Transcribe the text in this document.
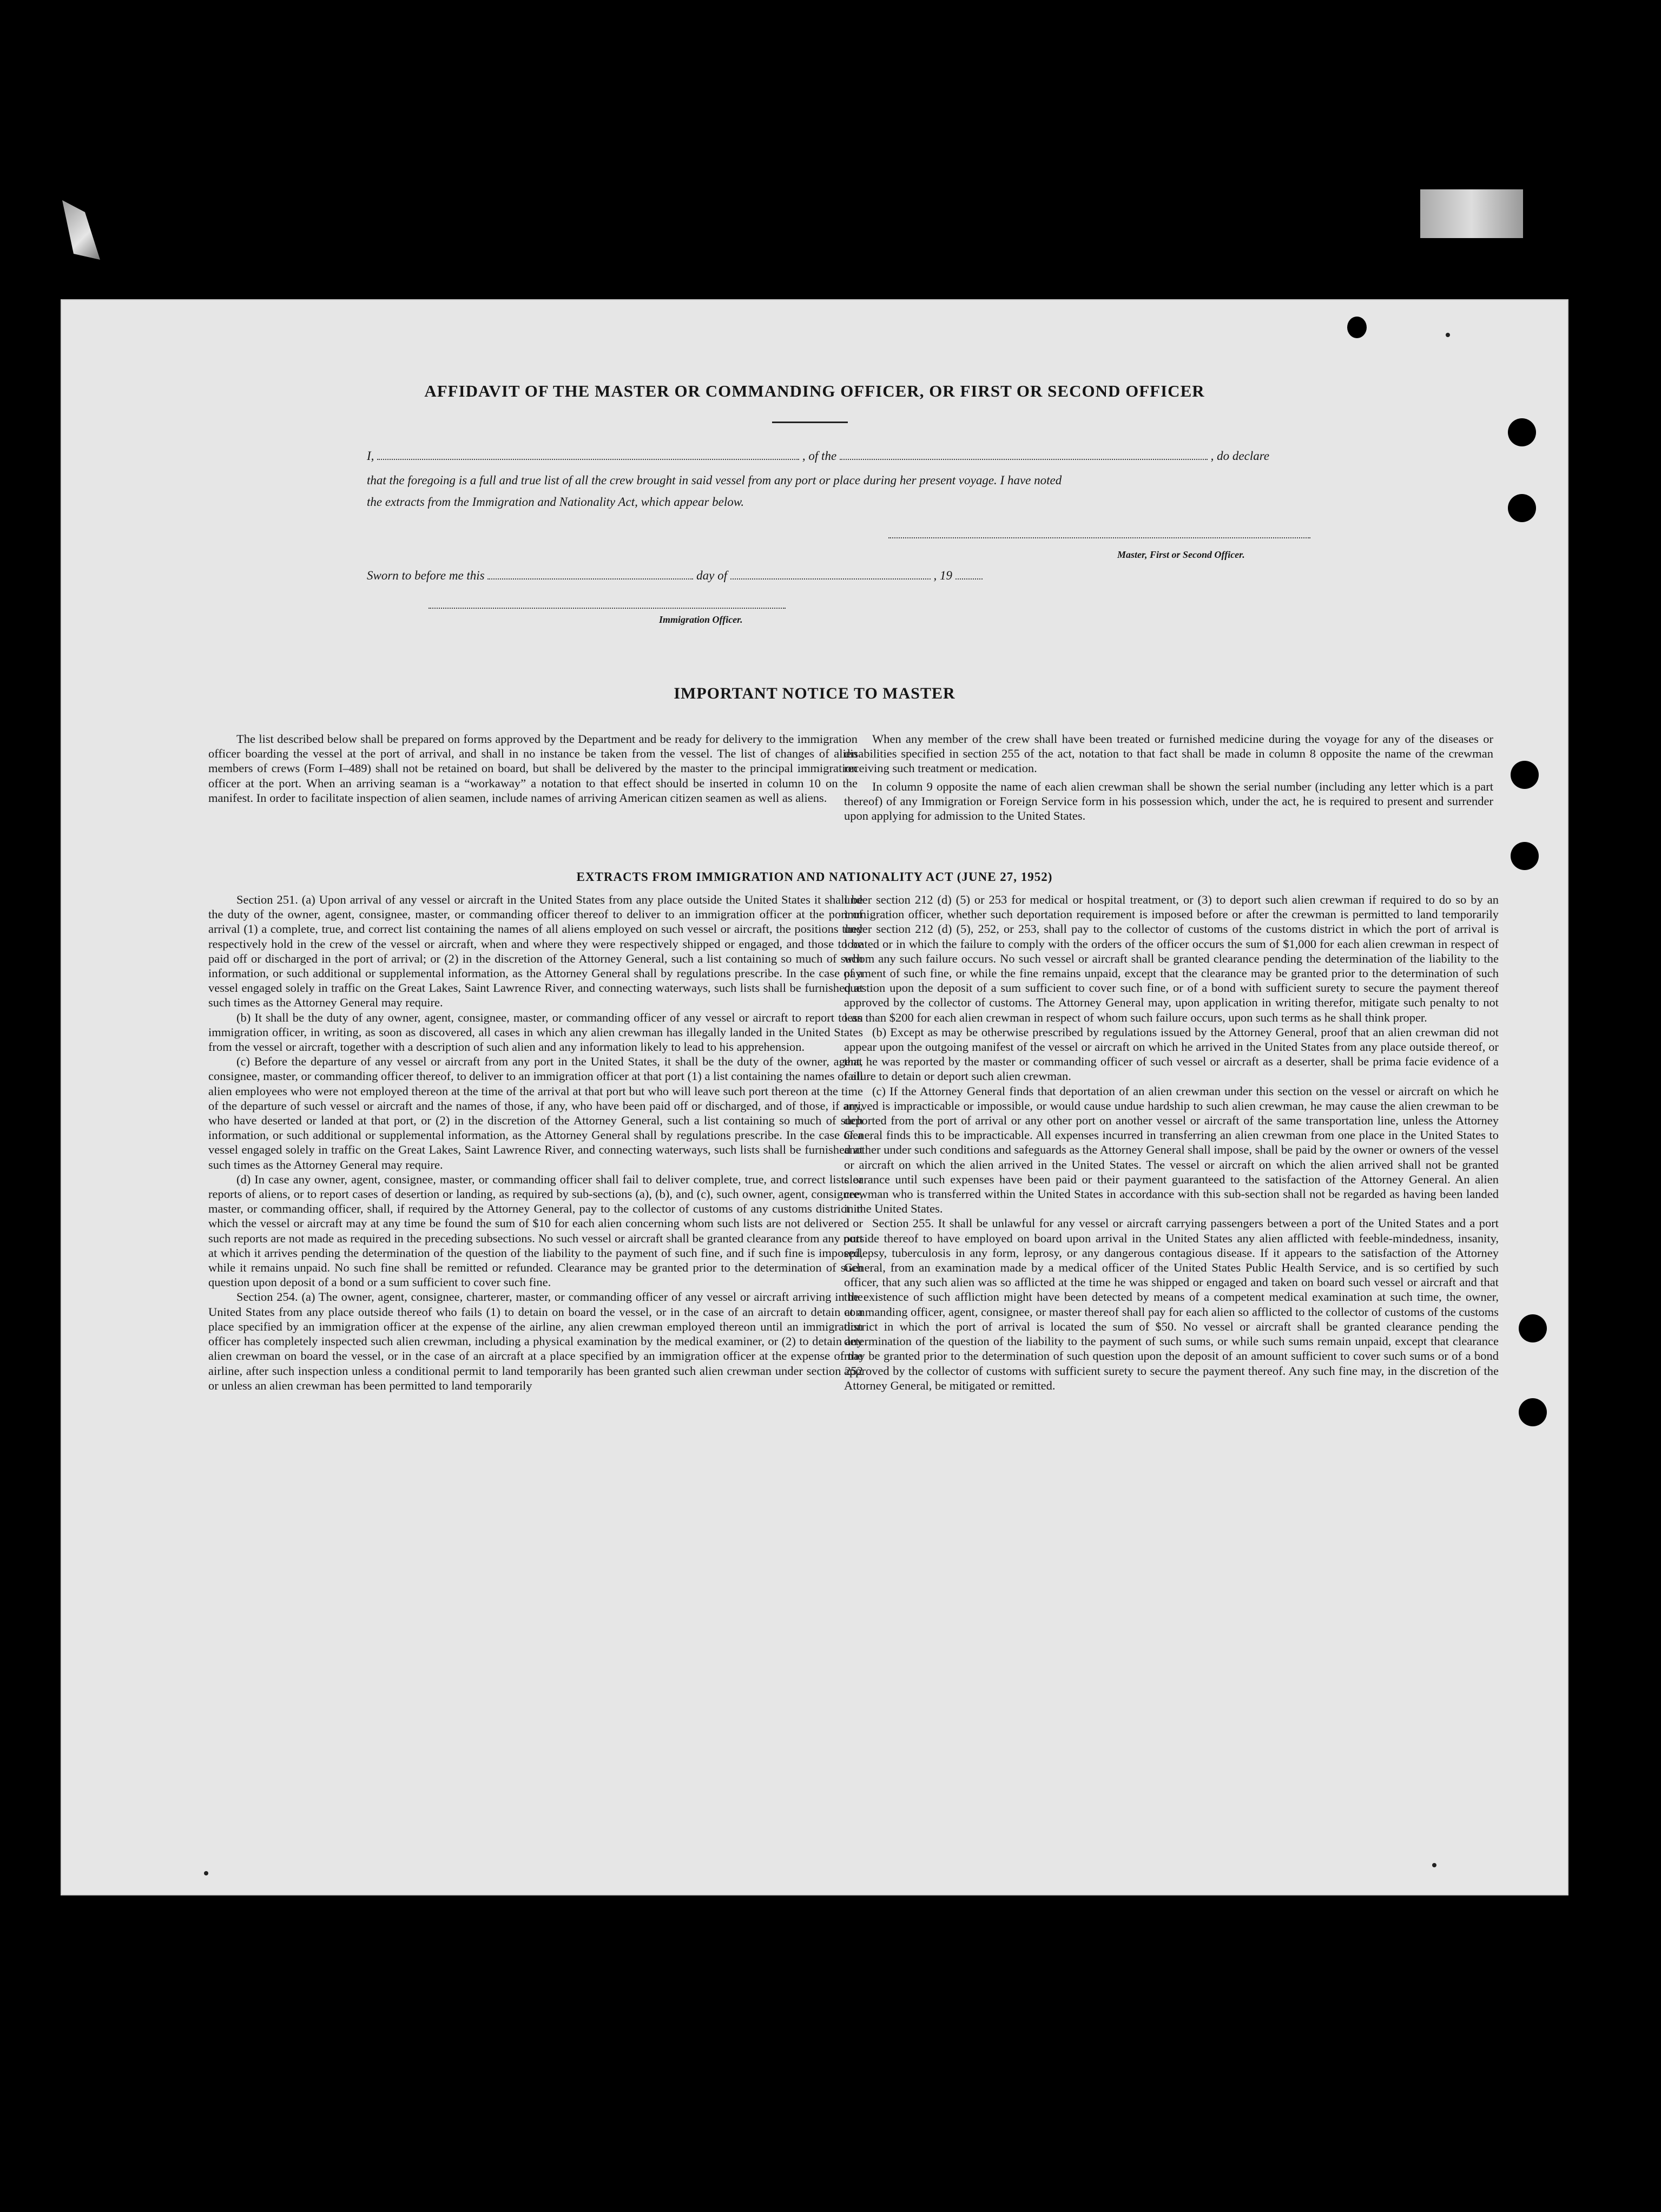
AFFIDAVIT OF THE MASTER OR COMMANDING OFFICER, OR FIRST OR SECOND OFFICER
I,	, of the	, do declare
that the foregoing is a full and true list of all the crew brought in said vessel from any port or place during her present voyage. I have noted
the extracts from the Immigration and Nationality Act, which appear below.
Master, First or Second Officer.
Sworn to before me this	day of	, 19
Immigration Officer.
IMPORTANT NOTICE TO MASTER

The list described below shall be prepared on forms approved by the Department and be ready for delivery to the immigration officer boarding the vessel at the port of arrival, and shall in no instance be taken from the vessel. The list of changes of alien members of crews (Form I–489) shall not be retained on board, but shall be delivered by the master to the principal immigration officer at the port. When an arriving seaman is a “workaway” a notation to that effect should be inserted in column 10 on the manifest. In order to facilitate inspection of alien seamen, include names of arriving American citizen seamen as well as aliens.

When any member of the crew shall have been treated or furnished medicine during the voyage for any of the diseases or disabilities specified in section 255 of the act, notation to that fact shall be made in column 8 opposite the name of the crewman receiving such treatment or medication.

In column 9 opposite the name of each alien crewman shall be shown the serial number (including any letter which is a part thereof) of any Immigration or Foreign Service form in his possession which, under the act, he is required to present and surrender upon applying for admission to the United States.

EXTRACTS FROM IMMIGRATION AND NATIONALITY ACT (JUNE 27, 1952)

Section 251. (a) Upon arrival of any vessel or aircraft in the United States from any place outside the United States it shall be the duty of the owner, agent, consignee, master, or commanding officer thereof to deliver to an immigration officer at the port of arrival (1) a complete, true, and correct list containing the names of all aliens employed on such vessel or aircraft, the positions they respectively hold in the crew of the vessel or aircraft, when and where they were respectively shipped or engaged, and those to be paid off or discharged in the port of arrival; or (2) in the discretion of the Attorney General, such a list containing so much of such information, or such additional or supplemental information, as the Attorney General shall by regulations prescribe. In the case of a vessel engaged solely in traffic on the Great Lakes, Saint Lawrence River, and connecting waterways, such lists shall be furnished at such times as the Attorney General may require.

(b) It shall be the duty of any owner, agent, consignee, master, or commanding officer of any vessel or aircraft to report to an immigration officer, in writing, as soon as discovered, all cases in which any alien crewman has illegally landed in the United States from the vessel or aircraft, together with a description of such alien and any information likely to lead to his apprehension.

(c) Before the departure of any vessel or aircraft from any port in the United States, it shall be the duty of the owner, agent, consignee, master, or commanding officer thereof, to deliver to an immigration officer at that port (1) a list containing the names of all alien employees who were not employed thereon at the time of the arrival at that port but who will leave such port thereon at the time of the departure of such vessel or aircraft and the names of those, if any, who have been paid off or discharged, and of those, if any, who have deserted or landed at that port, or (2) in the discretion of the Attorney General, such a list containing so much of such information, or such additional or supplemental information, as the Attorney General shall by regulations prescribe. In the case of a vessel engaged solely in traffic on the Great Lakes, Saint Lawrence River, and connecting waterways, such lists shall be furnished at such times as the Attorney General may require.

(d) In case any owner, agent, consignee, master, or commanding officer shall fail to deliver complete, true, and correct lists or reports of aliens, or to report cases of desertion or landing, as required by sub-sections (a), (b), and (c), such owner, agent, consignee, master, or commanding officer, shall, if required by the Attorney General, pay to the collector of customs of any customs district in which the vessel or aircraft may at any time be found the sum of $10 for each alien concerning whom such lists are not delivered or such reports are not made as required in the preceding subsections. No such vessel or aircraft shall be granted clearance from any port at which it arrives pending the determination of the question of the liability to the payment of such fine, and if such fine is imposed, while it remains unpaid. No such fine shall be remitted or refunded. Clearance may be granted prior to the determination of such question upon deposit of a bond or a sum sufficient to cover such fine.

Section 254. (a) The owner, agent, consignee, charterer, master, or commanding officer of any vessel or aircraft arriving in the United States from any place outside thereof who fails (1) to detain on board the vessel, or in the case of an aircraft to detain at a place specified by an immigration officer at the expense of the airline, any alien crewman employed thereon until an immigration officer has completely inspected such alien crewman, including a physical examination by the medical examiner, or (2) to detain any alien crewman on board the vessel, or in the case of an aircraft at a place specified by an immigration officer at the expense of the airline, after such inspection unless a conditional permit to land temporarily has been granted such alien crewman under section 252 or unless an alien crewman has been permitted to land temporarily

under section 212 (d) (5) or 253 for medical or hospital treatment, or (3) to deport such alien crewman if required to do so by an immigration officer, whether such deportation requirement is imposed before or after the crewman is permitted to land temporarily under section 212 (d) (5), 252, or 253, shall pay to the collector of customs of the customs district in which the port of arrival is located or in which the failure to comply with the orders of the officer occurs the sum of $1,000 for each alien crewman in respect of whom any such failure occurs. No such vessel or aircraft shall be granted clearance pending the determination of the liability to the payment of such fine, or while the fine remains unpaid, except that the clearance may be granted prior to the determination of such question upon the deposit of a sum sufficient to cover such fine, or of a bond with sufficient surety to secure the payment thereof approved by the collector of customs. The Attorney General may, upon application in writing therefor, mitigate such penalty to not less than $200 for each alien crewman in respect of whom such failure occurs, upon such terms as he shall think proper.

(b) Except as may be otherwise prescribed by regulations issued by the Attorney General, proof that an alien crewman did not appear upon the outgoing manifest of the vessel or aircraft on which he arrived in the United States from any place outside thereof, or that he was reported by the master or commanding officer of such vessel or aircraft as a deserter, shall be prima facie evidence of a failure to detain or deport such alien crewman.

(c) If the Attorney General finds that deportation of an alien crewman under this section on the vessel or aircraft on which he arrived is impracticable or impossible, or would cause undue hardship to such alien crewman, he may cause the alien crewman to be deported from the port of arrival or any other port on another vessel or aircraft of the same transportation line, unless the Attorney General finds this to be impracticable. All expenses incurred in transferring an alien crewman from one place in the United States to another under such conditions and safeguards as the Attorney General shall impose, shall be paid by the owner or owners of the vessel or aircraft on which the alien arrived in the United States. The vessel or aircraft on which the alien arrived shall not be granted clearance until such expenses have been paid or their payment guaranteed to the satisfaction of the Attorney General. An alien crewman who is transferred within the United States in accordance with this sub-section shall not be regarded as having been landed in the United States.

Section 255. It shall be unlawful for any vessel or aircraft carrying passengers between a port of the United States and a port outside thereof to have employed on board upon arrival in the United States any alien afflicted with feeble-mindedness, insanity, epilepsy, tuberculosis in any form, leprosy, or any dangerous contagious disease. If it appears to the satisfaction of the Attorney General, from an examination made by a medical officer of the United States Public Health Service, and is so certified by such officer, that any such alien was so afflicted at the time he was shipped or engaged and taken on board such vessel or aircraft and that the existence of such affliction might have been detected by means of a competent medical examination at such time, the owner, commanding officer, agent, consignee, or master thereof shall pay for each alien so afflicted to the collector of customs of the customs district in which the port of arrival is located the sum of $50. No vessel or aircraft shall be granted clearance pending the determination of the question of the liability to the payment of such sums, or while such sums remain unpaid, except that clearance may be granted prior to the determination of such question upon the deposit of an amount sufficient to cover such sums or of a bond approved by the collector of customs with sufficient surety to secure the payment thereof. Any such fine may, in the discretion of the Attorney General, be mitigated or remitted.
